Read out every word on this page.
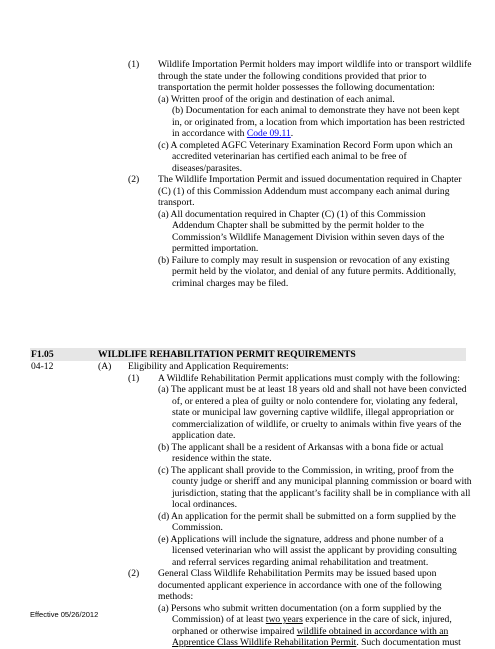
(1) Wildlife Importation Permit holders may import wildlife into or transport wildlife
through the state under the following conditions provided that prior to
transportation the permit holder possesses the following documentation:
(a) Written proof of the origin and destination of each animal.
(b) Documentation for each animal to demonstrate they have not been kept
in, or originated from, a location from which importation has been restricted
in accordance with Code 09.11.
(c) A completed AGFC Veterinary Examination Record Form upon which an
accredited veterinarian has certified each animal to be free of
diseases/parasites.
(2) The Wildlife Importation Permit and issued documentation required in Chapter
(C) (1) of this Commission Addendum must accompany each animal during
transport.
(a) All documentation required in Chapter (C) (1) of this Commission
Addendum Chapter shall be submitted by the permit holder to the
Commission’s Wildlife Management Division within seven days of the
permitted importation.
(b) Failure to comply may result in suspension or revocation of any existing
permit held by the violator, and denial of any future permits. Additionally,
criminal charges may be filed.
F1.05	WILDLIFE REHABILITATION PERMIT REQUIREMENTS
04-12	(A) Eligibility and Application Requirements:
(1) A Wildlife Rehabilitation Permit applications must comply with the following:
(a) The applicant must be at least 18 years old and shall not have been convicted
of, or entered a plea of guilty or nolo contendere for, violating any federal,
state or municipal law governing captive wildlife, illegal appropriation or
commercialization of wildlife, or cruelty to animals within five years of the
application date.
(b) The applicant shall be a resident of Arkansas with a bona fide or actual
residence within the state.
(c) The applicant shall provide to the Commission, in writing, proof from the
county judge or sheriff and any municipal planning commission or board with
jurisdiction, stating that the applicant’s facility shall be in compliance with all
local ordinances.
(d) An application for the permit shall be submitted on a form supplied by the
Commission.
(e) Applications will include the signature, address and phone number of a
licensed veterinarian who will assist the applicant by providing consulting
and referral services regarding animal rehabilitation and treatment.
(2) General Class Wildlife Rehabilitation Permits may be issued based upon
documented applicant experience in accordance with one of the following
methods:
(a) Persons who submit written documentation (on a form supplied by the
Commission) of at least two years experience in the care of sick, injured,
orphaned or otherwise impaired wildlife obtained in accordance with an
Apprentice Class Wildlife Rehabilitation Permit. Such documentation must
Effective 05/26/2012
